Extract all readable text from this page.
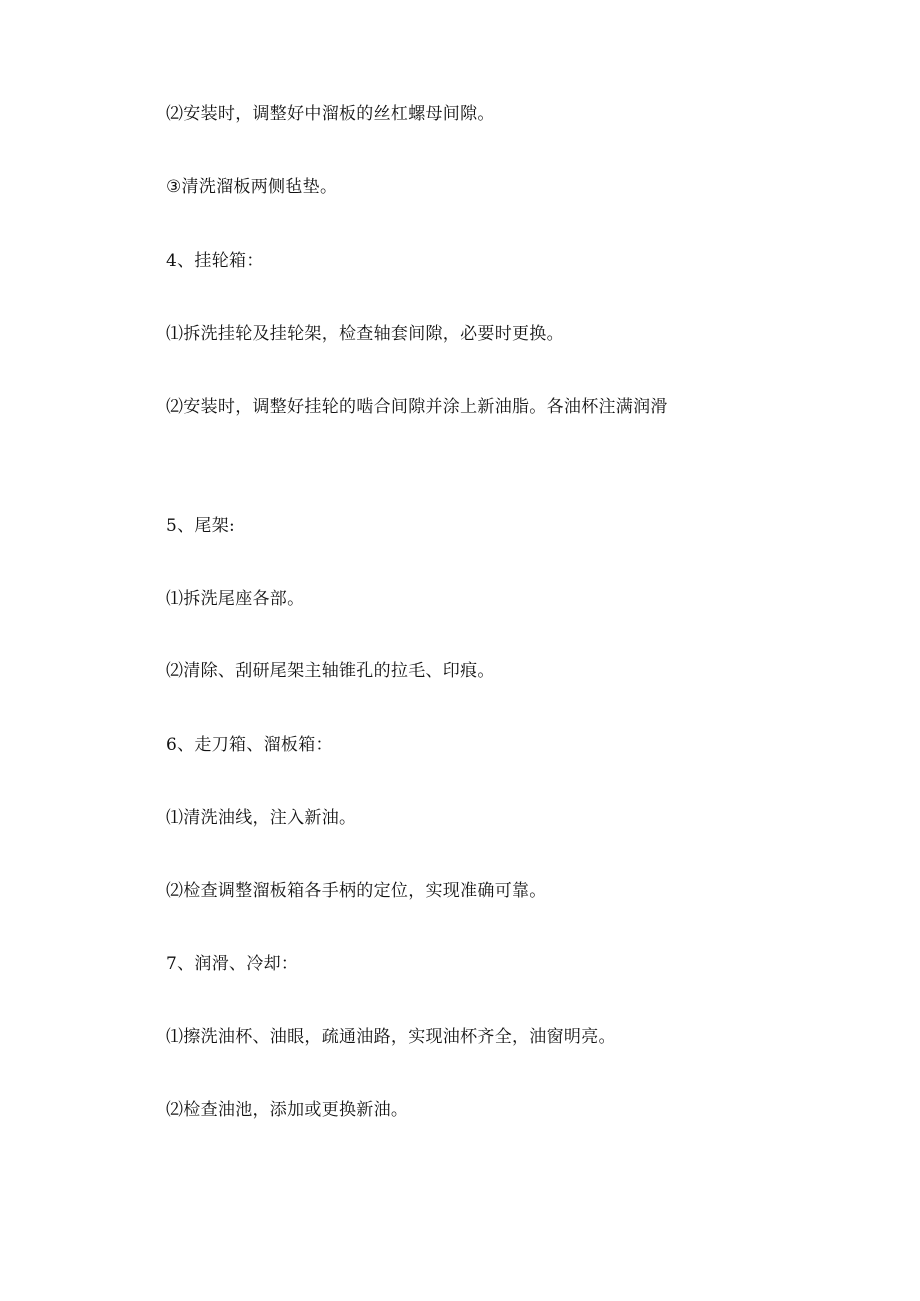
⑵安装时，调整好中溜板的丝杠螺母间隙。
③清洗溜板两侧毡垫。
4、挂轮箱：
⑴拆洗挂轮及挂轮架，检查轴套间隙，必要时更换。
⑵安装时，调整好挂轮的啮合间隙并涂上新油脂。各油杯注满润滑
5、尾架:
⑴拆洗尾座各部。
⑵清除、刮研尾架主轴锥孔的拉毛、印痕。
6、走刀箱、溜板箱：
⑴清洗油线，注入新油。
⑵检查调整溜板箱各手柄的定位，实现准确可靠。
7、润滑、冷却：
⑴擦洗油杯、油眼，疏通油路，实现油杯齐全，油窗明亮。
⑵检查油池，添加或更换新油。
